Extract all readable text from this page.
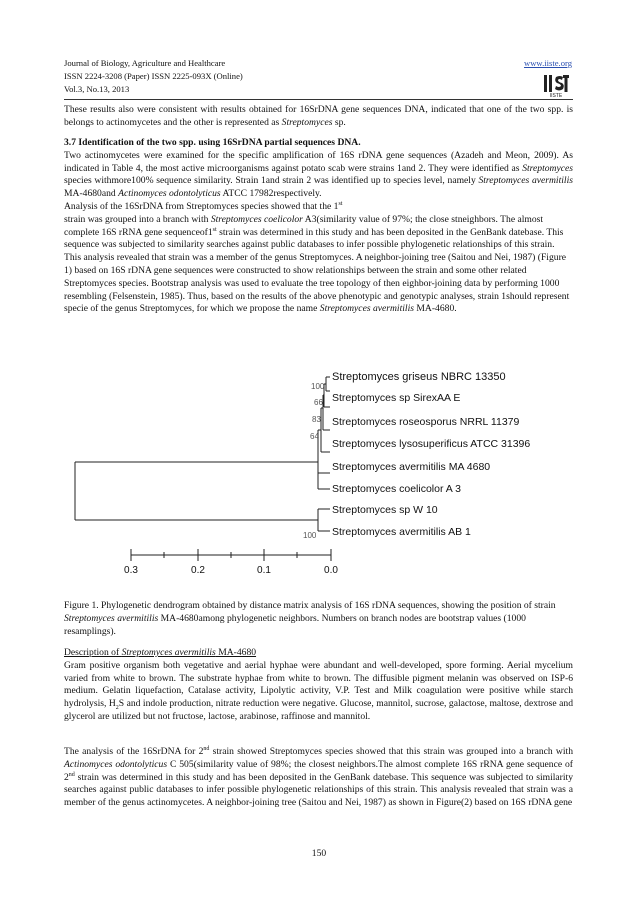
Journal of Biology, Agriculture and Healthcare
ISSN 2224-3208 (Paper) ISSN 2225-093X (Online)
Vol.3, No.13, 2013
www.iiste.org
IISTE

These results also were consistent with results obtained for 16SrDNA gene sequences DNA, indicated that one of the two spp. is belongs to actinomycetes and the other is represented as Streptomyces sp.

3.7 Identification of the two spp. using 16SrDNA partial sequences DNA.

Two actinomycetes were examined for the specific amplification of 16S rDNA gene sequences (Azadeh and Meon, 2009). As indicated in Table 4, the most active microorganisms against potato scab were strains 1and 2. They were identified as Streptomyces species withmore100% sequence similarity. Strain 1and strain 2 was identified up to species level, namely Streptomyces avermitilis MA-4680and Actinomyces odontolyticus ATCC 17982respectively.

Analysis of the 16SrDNA from Streptomyces species showed that the 1st
strain was grouped into a branch with Streptomyces coelicolor A3(similarity value of 97%; the close stneighbors. The almost complete 16S rRNA gene sequenceof1st strain was determined in this study and has been deposited in the GenBank datebase. This sequence was subjected to similarity searches against public databases to infer possible phylogenetic relationships of this strain. This analysis revealed that strain was a member of the genus Streptomyces. A neighbor-joining tree (Saitou and Nei, 1987) (Figure 1) based on 16S rDNA gene sequences were constructed to show relationships between the strain and some other related Streptomyces species. Bootstrap analysis was used to evaluate the tree topology of then eighbor-joining data by performing 1000 resembling (Felsenstein, 1985). Thus, based on the results of the above phenotypic and genotypic analyses, strain 1should represent specie of the genus Streptomyces, for which we propose the name Streptomyces avermitilis MA-4680.

Streptomyces griseus NBRC 13350
Streptomyces sp SirexAA E
Streptomyces roseosporus NRRL 11379
Streptomyces lysosuperificus ATCC 31396
Streptomyces avermitilis MA 4680
Streptomyces coelicolor A 3
Streptomyces sp W 10
Streptomyces avermitilis AB 1
100
66
83
64
100
0.3	0.2	0.1	0.0

Figure 1. Phylogenetic dendrogram obtained by distance matrix analysis of 16S rDNA sequences, showing the position of strain Streptomyces avermitilis MA-4680among phylogenetic neighbors. Numbers on branch nodes are bootstrap values (1000 resamplings).

Description of Streptomyces avermitilis MA-4680

Gram positive organism both vegetative and aerial hyphae were abundant and well-developed, spore forming. Aerial mycelium varied from white to brown. The substrate hyphae from white to brown. The diffusible pigment melanin was observed on ISP-6 medium. Gelatin liquefaction, Catalase activity, Lipolytic activity, V.P. Test and Milk coagulation were positive while starch hydrolysis, $H_2S$ and indole production, nitrate reduction were negative. Glucose, mannitol, sucrose, galactose, maltose, dextrose and glycerol are utilized but not fructose, lactose, arabinose, raffinose and mannitol.

The analysis of the 16SrDNA for 2nd strain showed Streptomyces species showed that this strain was grouped into a branch with Actinomyces odontolyticus C 505(similarity value of 98%; the closest neighbors.The almost complete 16S rRNA gene sequence of 2nd strain was determined in this study and has been deposited in the GenBank datebase. This sequence was subjected to similarity searches against public databases to infer possible phylogenetic relationships of this strain. This analysis revealed that strain was a member of the genus actinomycetes. A neighbor-joining tree (Saitou and Nei, 1987) as shown in Figure(2) based on 16S rDNA gene

150
